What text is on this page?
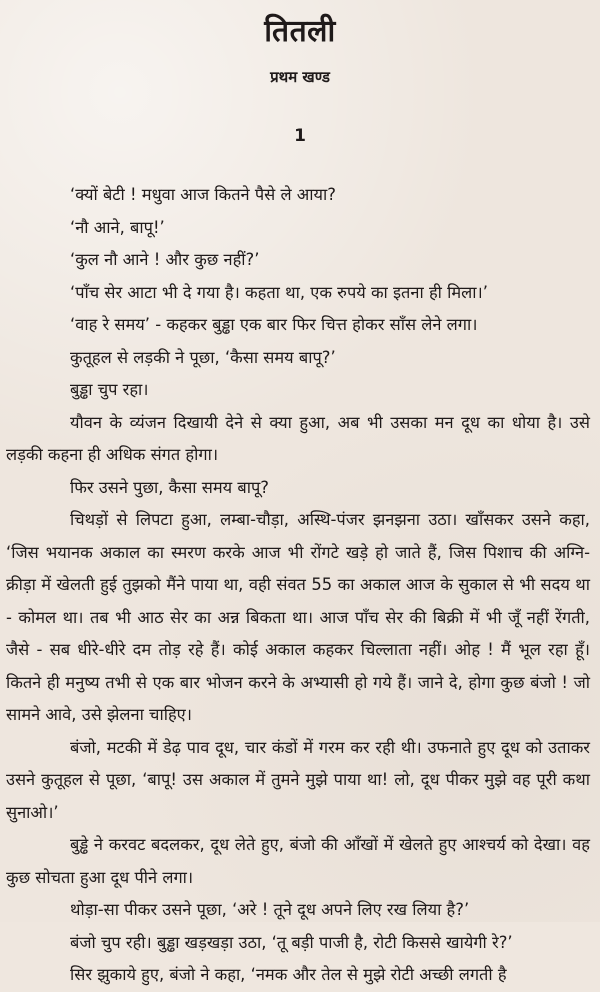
तितली
प्रथम खण्ड
1

‘क्यों बेटी ! मधुवा आज कितने पैसे ले आया?

‘नौ आने, बापू!’

‘कुल नौ आने ! और कुछ नहीं?’

‘पाँच सेर आटा भी दे गया है। कहता था, एक रुपये का इतना ही मिला।’

‘वाह रे समय’ - कहकर बुड्ढा एक बार फिर चित्त होकर साँस लेने लगा।

कुतूहल से लड़की ने पूछा, ‘कैसा समय बापू?’

बुड्ढा चुप रहा।

यौवन के व्यंजन दिखायी देने से क्या हुआ, अब भी उसका मन दूध का धोया है। उसे लड़की कहना ही अधिक संगत होगा।

फिर उसने पुछा, कैसा समय बापू?

चिथड़ों से लिपटा हुआ, लम्बा-चौड़ा, अस्थि-पंजर झनझना उठा। खाँसकर उसने कहा, ‘जिस भयानक अकाल का स्मरण करके आज भी रोंगटे खड़े हो जाते हैं, जिस पिशाच की अग्नि-क्रीड़ा में खेलती हुई तुझको मैंने पाया था, वही संवत 55 का अकाल आज के सुकाल से भी सदय था - कोमल था। तब भी आठ सेर का अन्न बिकता था। आज पाँच सेर की बिक्री में भी जूँ नहीं रेंगती, जैसे - सब धीरे-धीरे दम तोड़ रहे हैं। कोई अकाल कहकर चिल्लाता नहीं। ओह ! मैं भूल रहा हूँ। कितने ही मनुष्य तभी से एक बार भोजन करने के अभ्यासी हो गये हैं। जाने दे, होगा कुछ बंजो ! जो सामने आवे, उसे झेलना चाहिए।

बंजो, मटकी में डेढ़ पाव दूध, चार कंडों में गरम कर रही थी। उफनाते हुए दूध को उताकर उसने कुतूहल से पूछा, ‘बापू! उस अकाल में तुमने मुझे पाया था! लो, दूध पीकर मुझे वह पूरी कथा सुनाओ।’

बुड्ढे ने करवट बदलकर, दूध लेते हुए, बंजो की आँखों में खेलते हुए आश्चर्य को देखा। वह कुछ सोचता हुआ दूध पीने लगा।

थोड़ा-सा पीकर उसने पूछा, ‘अरे ! तूने दूध अपने लिए रख लिया है?’

बंजो चुप रही। बुड्ढा खड़खड़ा उठा, ‘तू बड़ी पाजी है, रोटी किससे खायेगी रे?’

सिर झुकाये हुए, बंजो ने कहा, ‘नमक और तेल से मुझे रोटी अच्छी लगती है
